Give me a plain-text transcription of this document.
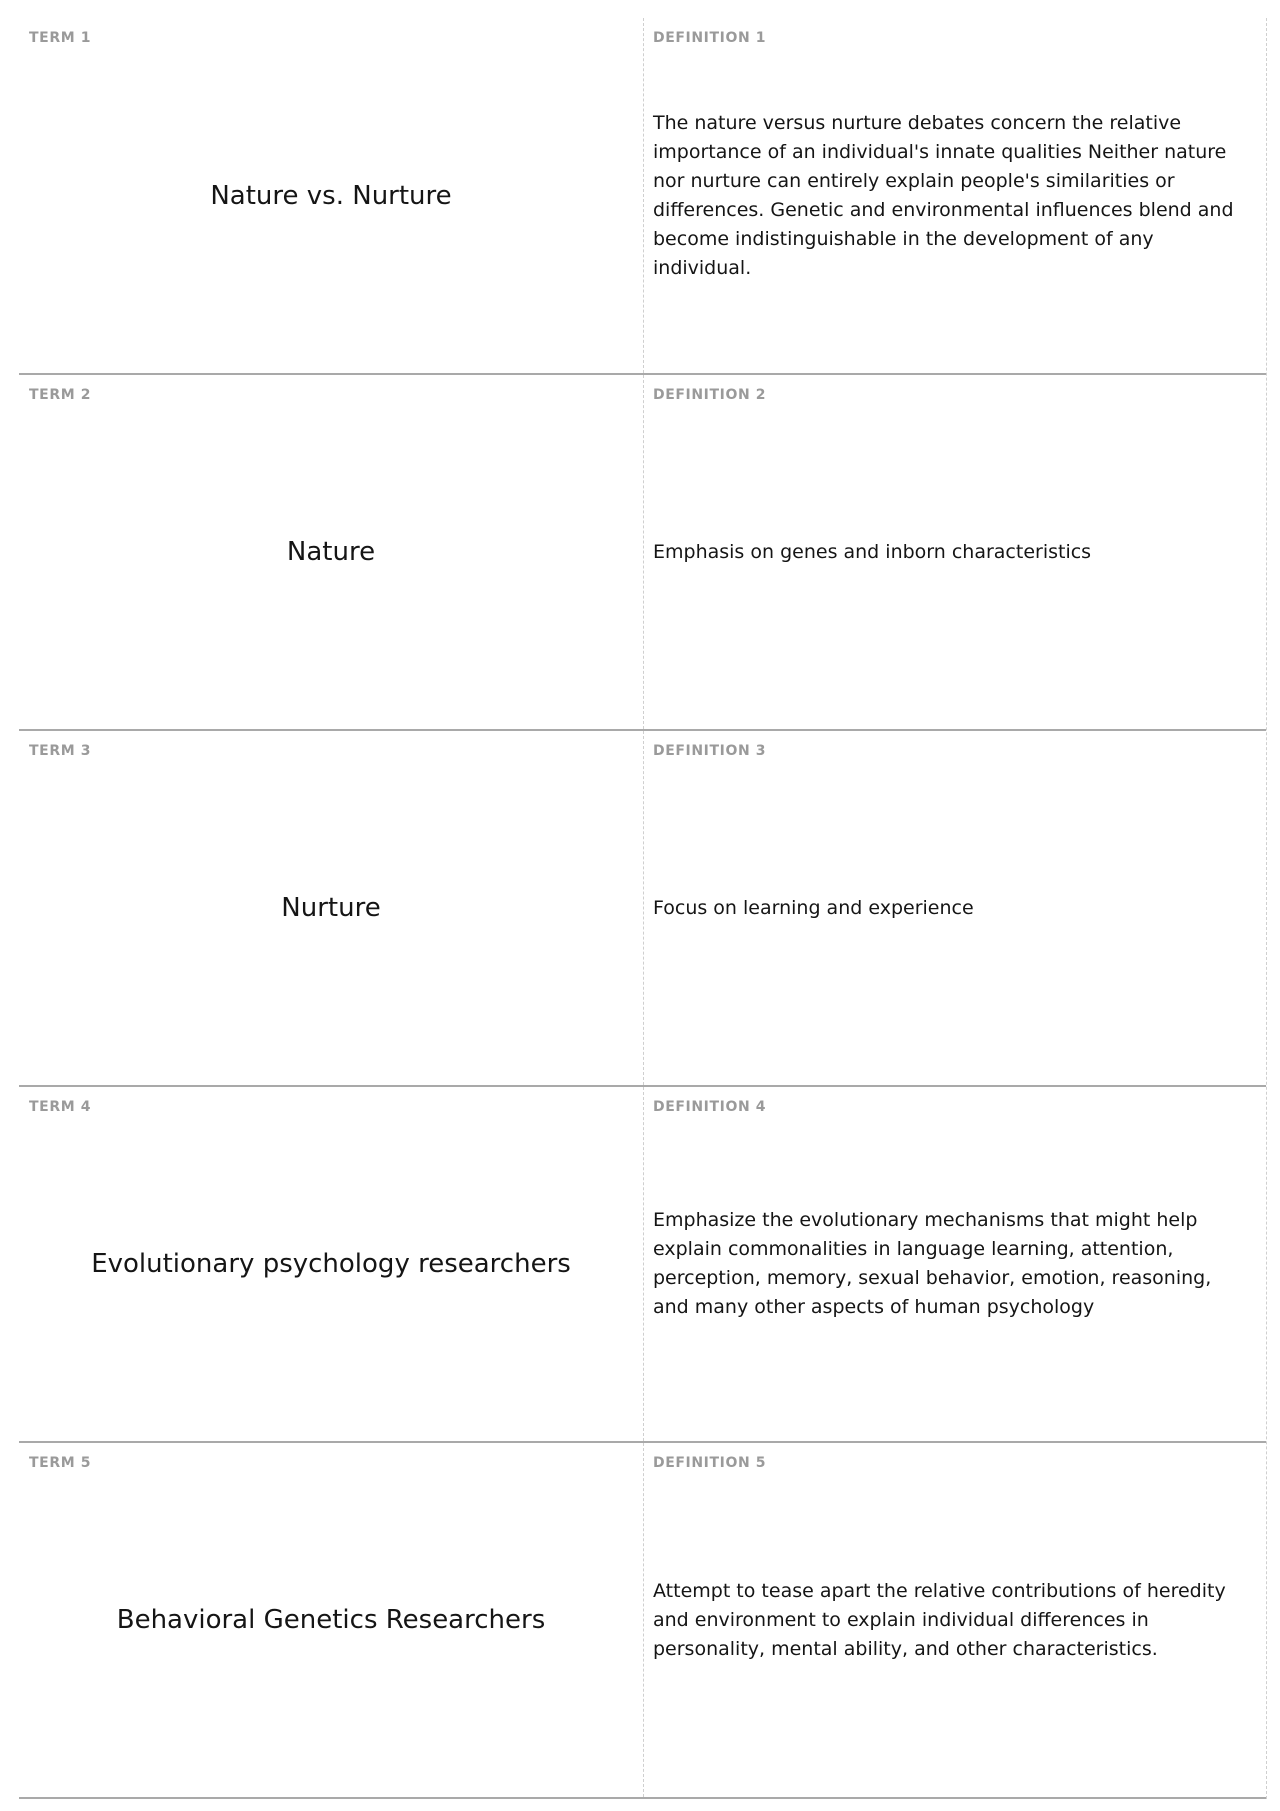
TERM 1
Nature vs. Nurture
DEFINITION 1
The nature versus nurture debates concern the relative importance of an individual's innate qualities Neither nature nor nurture can entirely explain people's similarities or differences. Genetic and environmental influences blend and become indistinguishable in the development of any individual.
TERM 2
Nature
DEFINITION 2
Emphasis on genes and inborn characteristics
TERM 3
Nurture
DEFINITION 3
Focus on learning and experience
TERM 4
Evolutionary psychology researchers
DEFINITION 4
Emphasize the evolutionary mechanisms that might help explain commonalities in language learning, attention, perception, memory, sexual behavior, emotion, reasoning, and many other aspects of human psychology
TERM 5
Behavioral Genetics Researchers
DEFINITION 5
Attempt to tease apart the relative contributions of heredity and environment to explain individual differences in personality, mental ability, and other characteristics.
